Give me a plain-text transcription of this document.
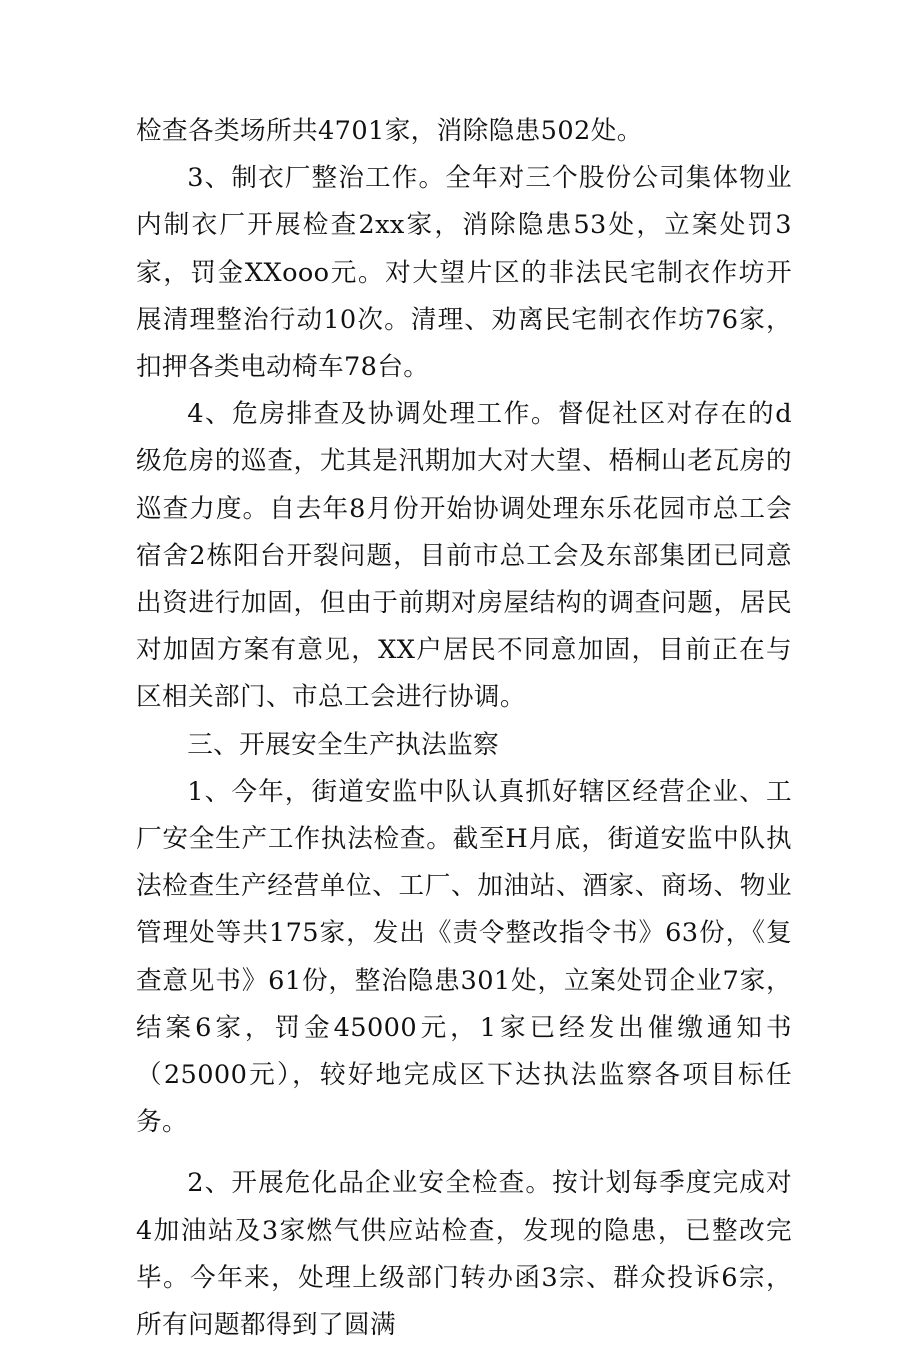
检查各类场所共4701家，消除隐患502处。

3、制衣厂整治工作。全年对三个股份公司集体物业内制衣厂开展检查2xx家，消除隐患53处，立案处罚3家，罚金XXooo元。对大望片区的非法民宅制衣作坊开展清理整治行动10次。清理、劝离民宅制衣作坊76家，扣押各类电动椅车78台。

4、危房排查及协调处理工作。督促社区对存在的d级危房的巡查，尤其是汛期加大对大望、梧桐山老瓦房的巡查力度。自去年8月份开始协调处理东乐花园市总工会宿舍2栋阳台开裂问题，目前市总工会及东部集团已同意出资进行加固，但由于前期对房屋结构的调查问题，居民对加固方案有意见，XX户居民不同意加固，目前正在与区相关部门、市总工会进行协调。

三、开展安全生产执法监察

1、今年，街道安监中队认真抓好辖区经营企业、工厂安全生产工作执法检查。截至H月底，街道安监中队执法检查生产经营单位、工厂、加油站、酒家、商场、物业管理处等共175家，发出《责令整改指令书》63份，《复查意见书》61份，整治隐患301处，立案处罚企业7家，结案6家，罚金45000元，1家已经发出催缴通知书（25000元），较好地完成区下达执法监察各项目标任务。

2、开展危化品企业安全检查。按计划每季度完成对4加油站及3家燃气供应站检查，发现的隐患，已整改完毕。今年来，处理上级部门转办函3宗、群众投诉6宗，所有问题都得到了圆满
